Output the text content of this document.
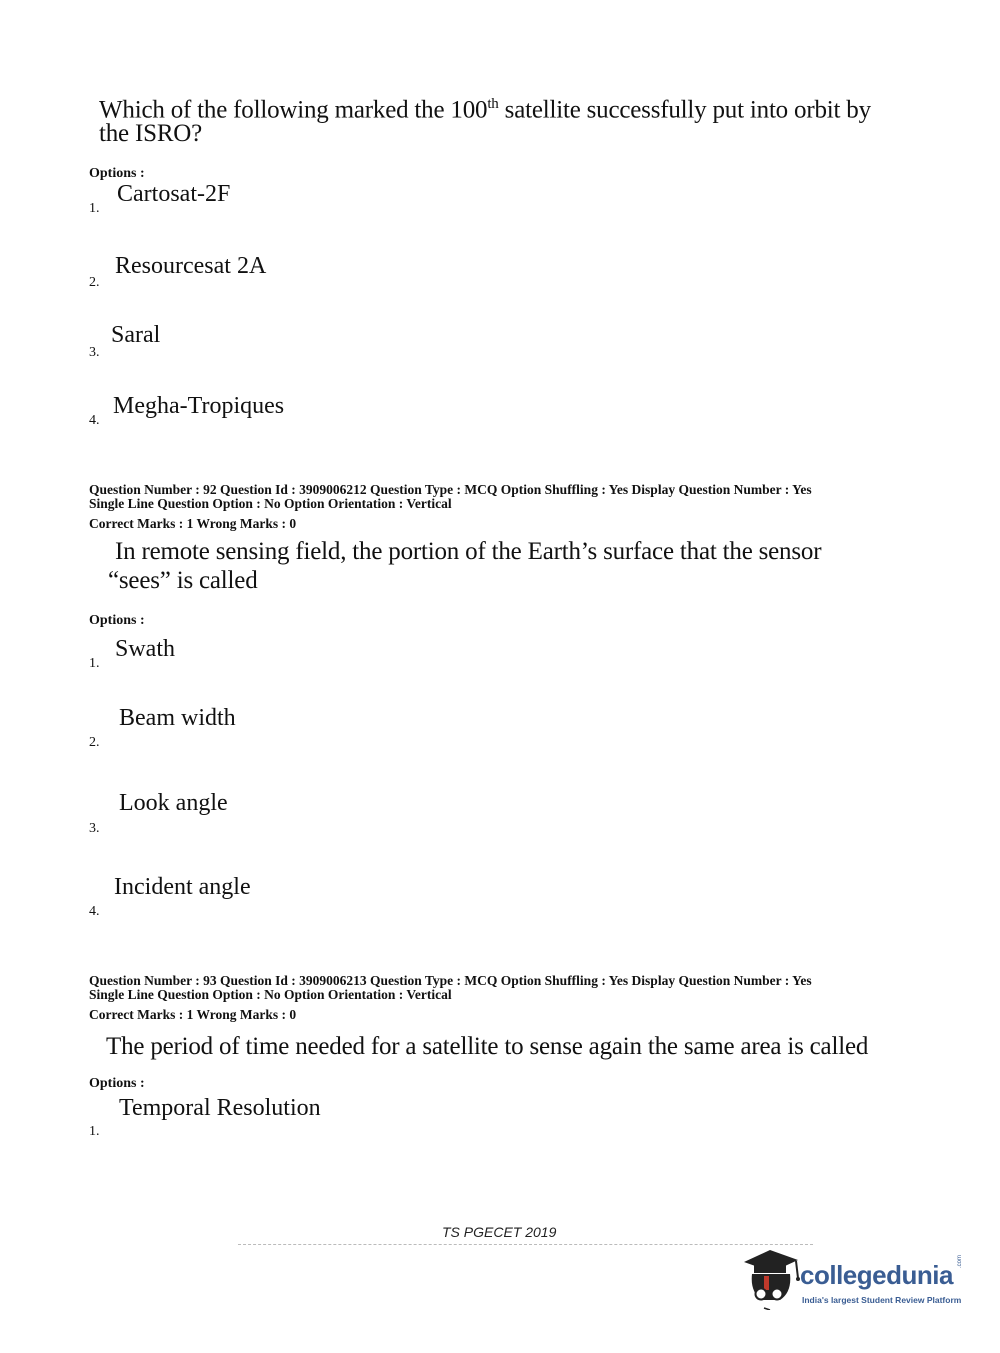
Which of the following marked the 100th satellite successfully put into orbit by
the ISRO?
Options :
Cartosat-2F
1.
Resourcesat 2A
2.
Saral
3.
Megha-Tropiques
4.
Question Number : 92 Question Id : 3909006212 Question Type : MCQ Option Shuffling : Yes Display Question Number : Yes
Single Line Question Option : No Option Orientation : Vertical
Correct Marks : 1 Wrong Marks : 0
In remote sensing field, the portion of the Earth’s surface that the sensor
“sees” is called
Options :
Swath
1.
Beam width
2.
Look angle
3.
Incident angle
4.
Question Number : 93 Question Id : 3909006213 Question Type : MCQ Option Shuffling : Yes Display Question Number : Yes
Single Line Question Option : No Option Orientation : Vertical
Correct Marks : 1 Wrong Marks : 0
The period of time needed for a satellite to sense again the same area is called
Options :
Temporal Resolution
1.
TS PGECET 2019
collegedunia .com
India's largest Student Review Platform
